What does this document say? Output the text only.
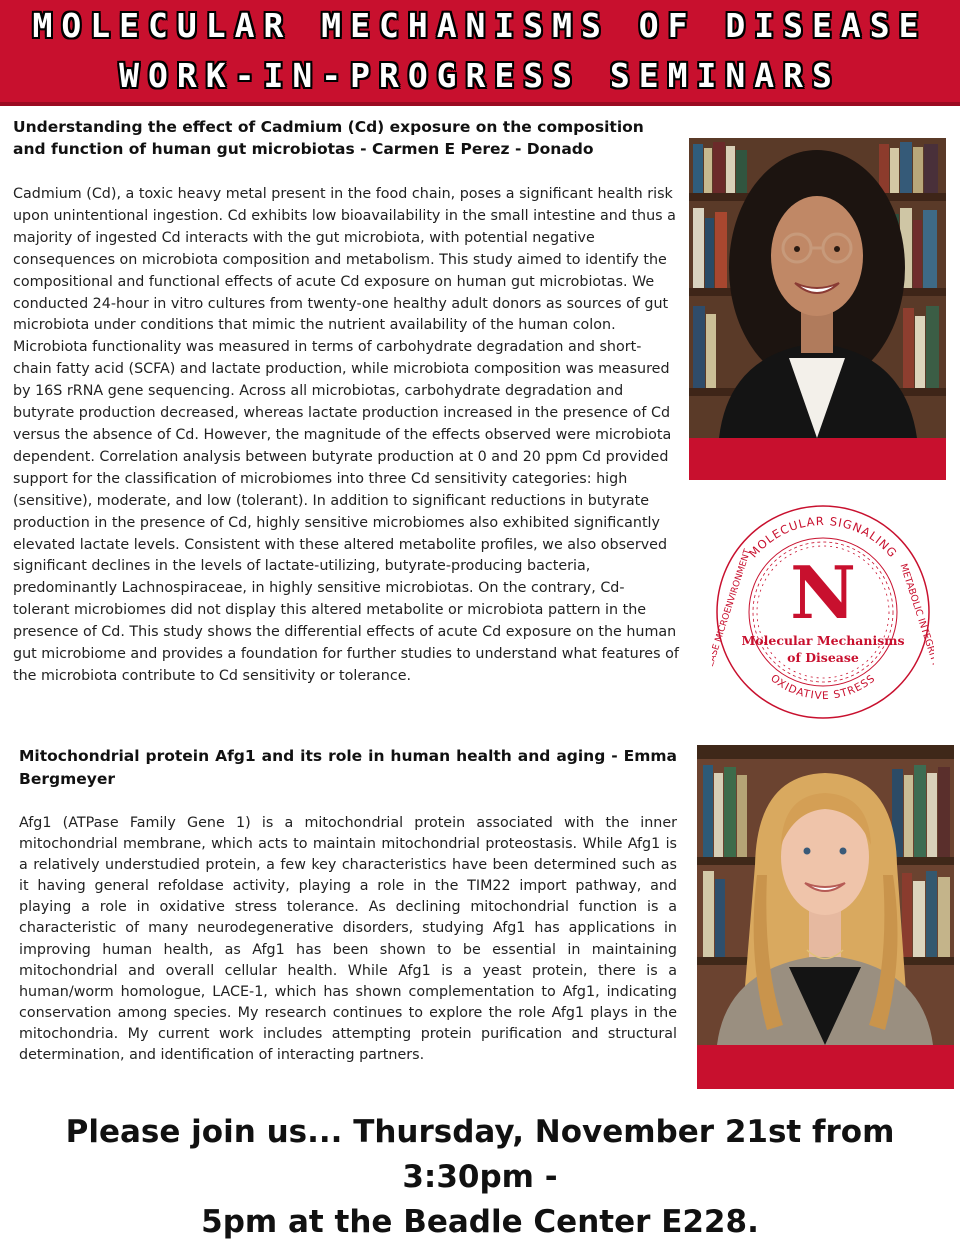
MOLECULAR MECHANISMS OF DISEASE
WORK-IN-PROGRESS SEMINARS
Understanding the effect of Cadmium (Cd) exposure on the composition and function of human gut microbiotas - Carmen E Perez - Donado
Cadmium (Cd), a toxic heavy metal present in the food chain, poses a significant health risk upon unintentional ingestion. Cd exhibits low bioavailability in the small intestine and thus a majority of ingested Cd interacts with the gut microbiota, with potential negative consequences on microbiota composition and metabolism. This study aimed to identify the compositional and functional effects of acute Cd exposure on human gut microbiotas. We conducted 24-hour in vitro cultures from twenty-one healthy adult donors as sources of gut microbiota under conditions that mimic the nutrient availability of the human colon. Microbiota functionality was measured in terms of carbohydrate degradation and short-chain fatty acid (SCFA) and lactate production, while microbiota composition was measured by 16S rRNA gene sequencing. Across all microbiotas, carbohydrate degradation and butyrate production decreased, whereas lactate production increased in the presence of Cd versus the absence of Cd. However, the magnitude of the effects observed were microbiota dependent. Correlation analysis between butyrate production at 0 and 20 ppm Cd provided support for the classification of microbiomes into three Cd sensitivity categories: high (sensitive), moderate, and low (tolerant). In addition to significant reductions in butyrate production in the presence of Cd, highly sensitive microbiomes also exhibited significantly elevated lactate levels. Consistent with these altered metabolite profiles, we also observed significant declines in the levels of lactate-utilizing, butyrate-producing bacteria, predominantly Lachnospiraceae, in highly sensitive microbiotas. On the contrary, Cd-tolerant microbiomes did not display this altered metabolite or microbiota pattern in the presence of Cd. This study shows the differential effects of acute Cd exposure on the human gut microbiome and provides a foundation for further studies to understand what features of the microbiota contribute to Cd sensitivity or tolerance.
MOLECULAR SIGNALING
OXIDATIVE STRESS
METABOLIC INTEGRITY
DISEASE MICROENVIRONMENT N
Molecular Mechanisms
of Disease
Mitochondrial protein Afg1 and its role in human health and aging - Emma Bergmeyer
Afg1 (ATPase Family Gene 1) is a mitochondrial protein associated with the inner mitochondrial membrane, which acts to maintain mitochondrial proteostasis. While Afg1 is a relatively understudied protein, a few key characteristics have been determined such as it having general refoldase activity, playing a role in the TIM22 import pathway, and playing a role in oxidative stress tolerance. As declining mitochondrial function is a characteristic of many neurodegenerative disorders, studying Afg1 has applications in improving human health, as Afg1 has been shown to be essential in maintaining mitochondrial and overall cellular health. While Afg1 is a yeast protein, there is a human/worm homologue, LACE-1, which has shown complementation to Afg1, indicating conservation among species. My research continues to explore the role Afg1 plays in the mitochondria. My current work includes attempting protein purification and structural determination, and identification of interacting partners.
Please join us... Thursday, November 21st from 3:30pm -
5pm at the Beadle Center E228.
